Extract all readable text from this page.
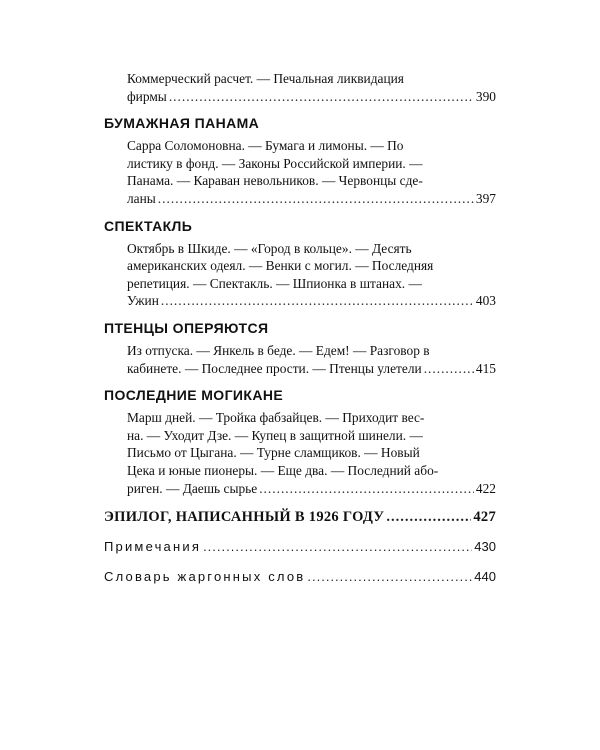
Коммерческий расчет. — Печальная ликвидация
фирмы .....	390
БУМАЖНАЯ ПАНАМА
Сарра Соломоновна. — Бумага и лимоны. — По
листику в фонд. — Законы Российской империи. —
Панама. — Караван невольников. — Червонцы сде-
ланы .....	397
СПЕКТАКЛЬ
Октябрь в Шкиде. — «Город в кольце». — Десять
американских одеял. — Венки с могил. — Последняя
репетиция. — Спектакль. — Шпионка в штанах. —
Ужин .....	403
ПТЕНЦЫ ОПЕРЯЮТСЯ
Из отпуска. — Янкель в беде. — Едем! — Разговор в
кабинете. — Последнее прости. — Птенцы улетели .....	415
ПОСЛЕДНИЕ МОГИКАНЕ
Марш дней. — Тройка фабзайцев. — Приходит вес-
на. — Уходит Дзе. — Купец в защитной шинели. —
Письмо от Цыгана. — Турне сламщиков. — Новый
Цека и юные пионеры. — Еще два. — Последний або-
риген. — Даешь сырье .....	422
ЭПИЛОГ, НАПИСАННЫЙ В 1926 ГОДУ .....	427
Примечания .....	430
Словарь жаргонных слов .....	440
